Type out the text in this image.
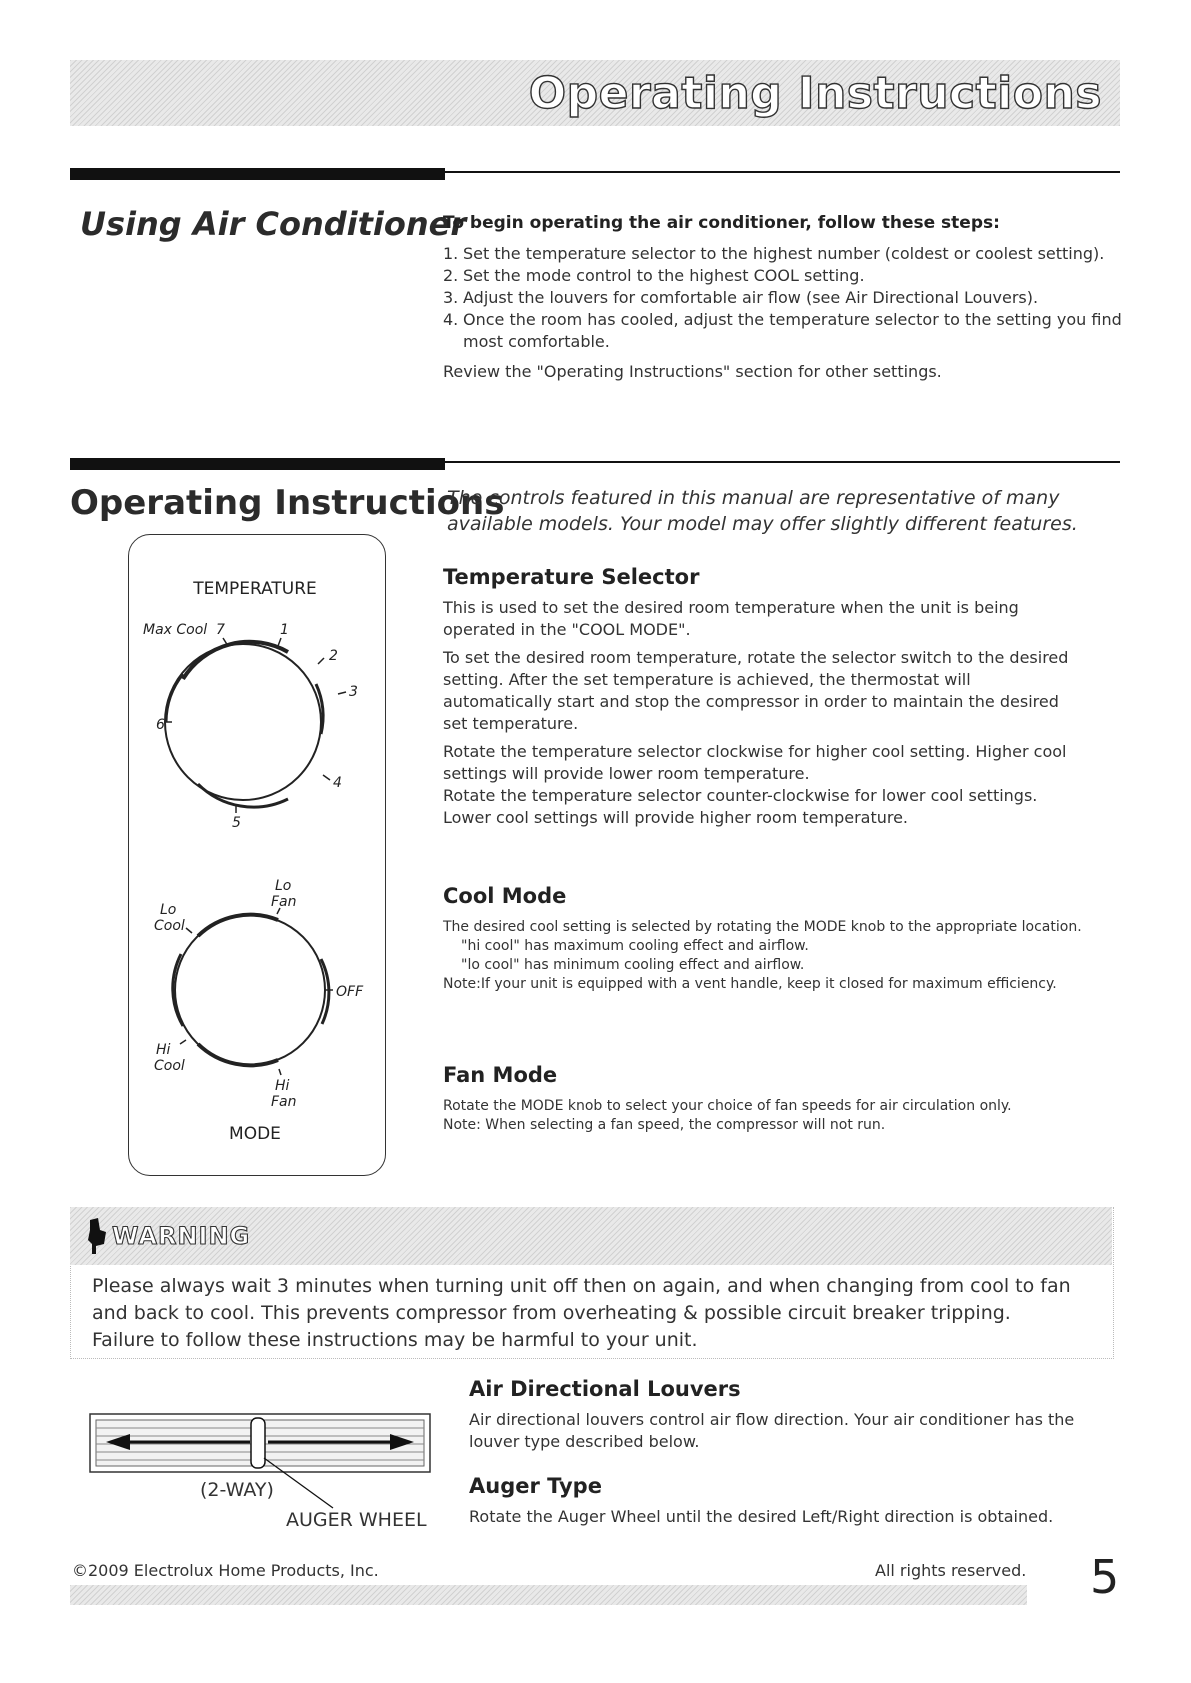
Operating Instructions
Using Air Conditioner
To begin operating the air conditioner, follow these steps:
1. Set the temperature selector to the highest number (coldest or coolest setting).
2. Set the mode control to the highest COOL setting.
3. Adjust the louvers for comfortable air flow (see Air Directional Louvers).
4. Once the room has cooled, adjust the temperature selector to the setting you find most comfortable.
Review the "Operating Instructions" section for other settings.
Operating Instructions
The controls featured in this manual are representative of many available models. Your model may offer slightly different features.
TEMPERATURE
Max Cool 7	1
2
3
4
5
6
Lo
Fan
Lo
Cool
OFF
Hi
Cool
Hi
Fan
MODE
Temperature Selector
This is used to set the desired room temperature when the unit is being operated in the "COOL MODE".
To set the desired room temperature, rotate the selector switch to the desired setting. After the set temperature is achieved, the thermostat will automatically start and stop the compressor in order to maintain the desired set temperature.
Rotate the temperature selector clockwise for higher cool setting. Higher cool settings will provide lower room temperature.
Rotate the temperature selector counter-clockwise for lower cool settings.
Lower cool settings will provide higher room temperature.
Cool Mode
The desired cool setting is selected by rotating the MODE knob to the appropriate location.
"hi cool" has maximum cooling effect and airflow.
"lo cool" has minimum cooling effect and airflow.
Note:If your unit is equipped with a vent handle, keep it closed for maximum efficiency.
Fan Mode
Rotate the MODE knob to select your choice of fan speeds for air circulation only.
Note: When selecting a fan speed, the compressor will not run.
WARNING
Please always wait 3 minutes when turning unit off then on again, and when changing from cool to fan and back to cool. This prevents compressor from overheating & possible circuit breaker tripping.
Failure to follow these instructions may be harmful to your unit.
(2-WAY)
AUGER WHEEL
Air Directional Louvers
Air directional louvers control air flow direction. Your air conditioner has the louver type described below.
Auger Type
Rotate the Auger Wheel until the desired Left/Right direction is obtained.
©2009 Electrolux Home Products, Inc.	All rights reserved. 5
